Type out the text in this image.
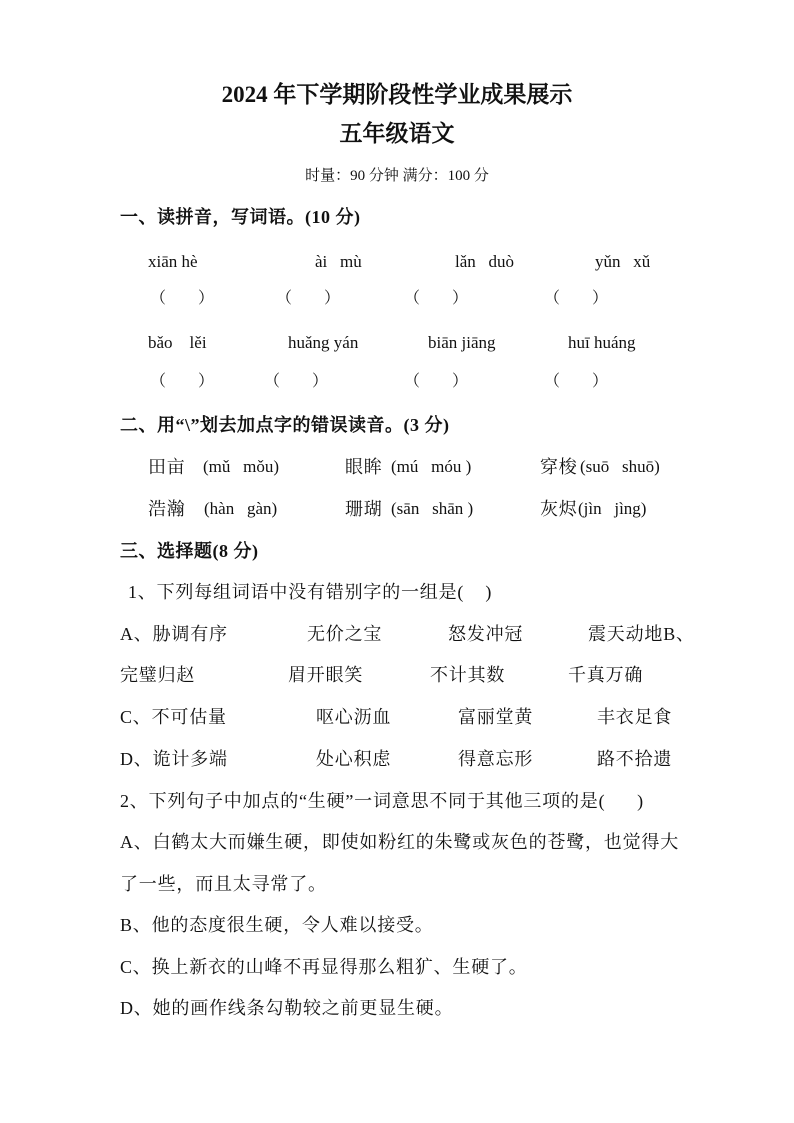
2024 年下学期阶段性学业成果展示
五年级语文
时量：90 分钟 满分：100 分
一、读拼音，写词语。(10 分)
xiān hè	ài   mù	lǎn   duò	yǔn   xǔ
（　　）	（　　）	（　　）	（　　）
bǎo    lěi	huǎng yán	biān jiāng	huī huáng
（　　）	（　　）	（　　）	（　　）
二、用“\”划去加点字的错误读音。(3 分)
田亩 (mǔ   mǒu)	眼眸 (mú   móu )	穿梭 (suō   shuō)
浩瀚 (hàn   gàn)	珊瑚 (sān   shān )	灰烬 (jìn   jìng)
三、选择题(8 分)
1、下列每组词语中没有错别字的一组是(    )
A、胁调有序	无价之宝	怒发冲冠	震天动地B、
完璧归赵	眉开眼笑	不计其数	千真万确
C、不可估量	呕心沥血	富丽堂黄	丰衣足食
D、诡计多端	处心积虑	得意忘形	路不拾遗
2、下列句子中加点的“生硬”一词意思不同于其他三项的是(      )
A、白鹤太大而嫌生硬，即使如粉红的朱鹭或灰色的苍鹭，也觉得大
了一些，而且太寻常了。
B、他的态度很生硬，令人难以接受。
C、换上新衣的山峰不再显得那么粗犷、生硬了。
D、她的画作线条勾勒较之前更显生硬。
